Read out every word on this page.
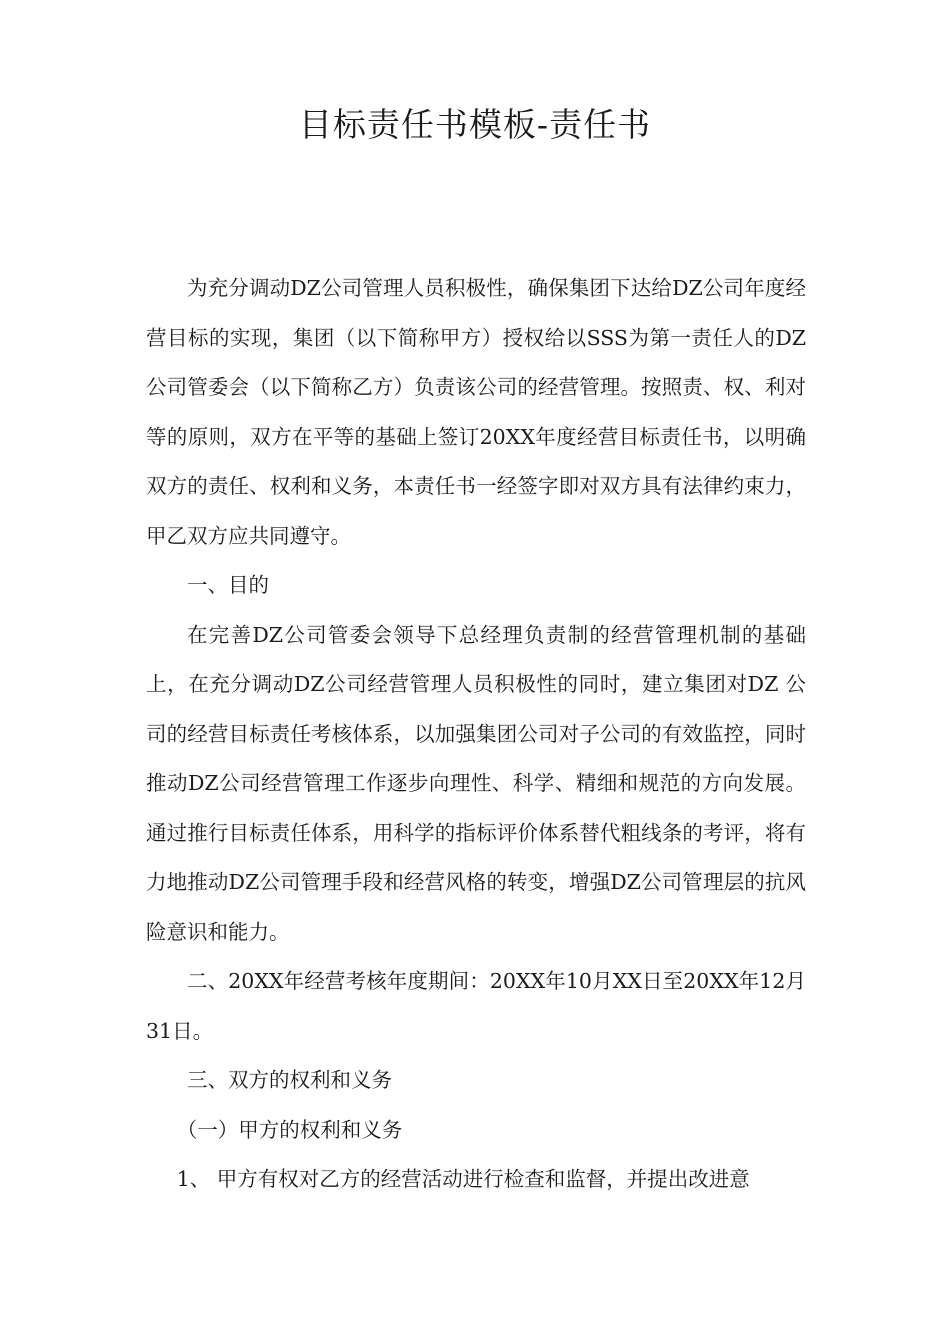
目标责任书模板-责任书

为充分调动DZ公司管理人员积极性，确保集团下达给DZ公司年度经营目标的实现，集团（以下简称甲方）授权给以SSS为第一责任人的DZ公司管委会（以下简称乙方）负责该公司的经营管理。按照责、权、利对等的原则，双方在平等的基础上签订20XX年度经营目标责任书，以明确双方的责任、权利和义务，本责任书一经签字即对双方具有法律约束力，甲乙双方应共同遵守。

一、目的

在完善DZ公司管委会领导下总经理负责制的经营管理机制的基础上，在充分调动DZ公司经营管理人员积极性的同时，建立集团对DZ 公司的经营目标责任考核体系，以加强集团公司对子公司的有效监控，同时推动DZ公司经营管理工作逐步向理性、科学、精细和规范的方向发展。通过推行目标责任体系，用科学的指标评价体系替代粗线条的考评，将有力地推动DZ公司管理手段和经营风格的转变，增强DZ公司管理层的抗风险意识和能力。

二、20XX年经营考核年度期间：20XX年10月XX日至20XX年12月31日。

三、双方的权利和义务

（一）甲方的权利和义务

1、 甲方有权对乙方的经营活动进行检查和监督，并提出改进意
